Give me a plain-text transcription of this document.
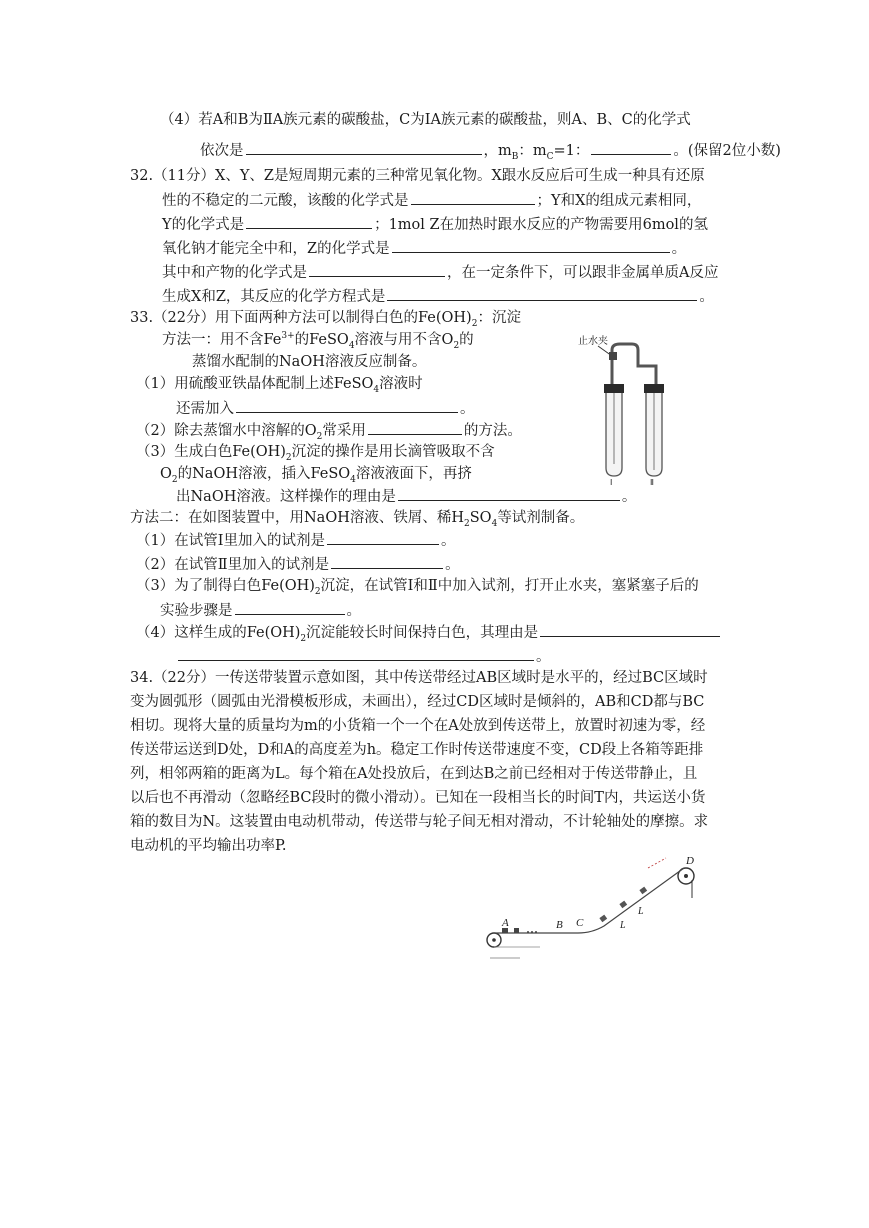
（4）若A和B为ⅡA族元素的碳酸盐，C为ⅠA族元素的碳酸盐，则A、B、C的化学式
依次是	，$m_B$：$m_C=1$：	。(保留2位小数)
32.（11分）X、Y、Z是短周期元素的三种常见氧化物。X跟水反应后可生成一种具有还原
性的不稳定的二元酸，该酸的化学式是	；Y和X的组成元素相同，
Y的化学式是	；1mol Z在加热时跟水反应的产物需要用6mol的氢
氧化钠才能完全中和，Z的化学式是	。
其中和产物的化学式是	，在一定条件下，可以跟非金属单质A反应
生成X和Z，其反应的化学方程式是	。
33.（22分）用下面两种方法可以制得白色的$Fe(OH)_2$：沉淀
方法一：用不含$Fe^{3+}$的FeSO$_4$溶液与用不含$O_2$的
蒸馏水配制的NaOH溶液反应制备。
（1）用硫酸亚铁晶体配制上述FeSO$_4$溶液时
还需加入	。
（2）除去蒸馏水中溶解的$O_2$常采用	的方法。
（3）生成白色$Fe(OH)_2$沉淀的操作是用长滴管吸取不含
$O_2$的NaOH溶液，插入FeSO$_4$溶液液面下，再挤
出NaOH溶液。这样操作的理由是	。
止水夹
Ⅰ	Ⅱ
方法二：在如图装置中，用NaOH溶液、铁屑、稀$H_2SO_4$等试剂制备。
（1）在试管Ⅰ里加入的试剂是	。
（2）在试管Ⅱ里加入的试剂是	。
（3）为了制得白色$Fe(OH)_2$沉淀，在试管Ⅰ和Ⅱ中加入试剂，打开止水夹，塞紧塞子后的
实验步骤是	。
（4）这样生成的$Fe(OH)_2$沉淀能较长时间保持白色，其理由是
。
34.（22分）一传送带装置示意如图，其中传送带经过AB区域时是水平的，经过BC区域时
变为圆弧形（圆弧由光滑模板形成，未画出），经过CD区域时是倾斜的，AB和CD都与BC
相切。现将大量的质量均为m的小货箱一个一个在A处放到传送带上，放置时初速为零，经
传送带运送到D处，D和A的高度差为h。稳定工作时传送带速度不变，CD段上各箱等距排
列，相邻两箱的距离为L。每个箱在A处投放后，在到达B之前已经相对于传送带静止，且
以后也不再滑动（忽略经BC段时的微小滑动）。已知在一段相当长的时间T内，共运送小货
箱的数目为N。这装置由电动机带动，传送带与轮子间无相对滑动，不计轮轴处的摩擦。求
电动机的平均输出功率P.
A	B C
D
L
L
